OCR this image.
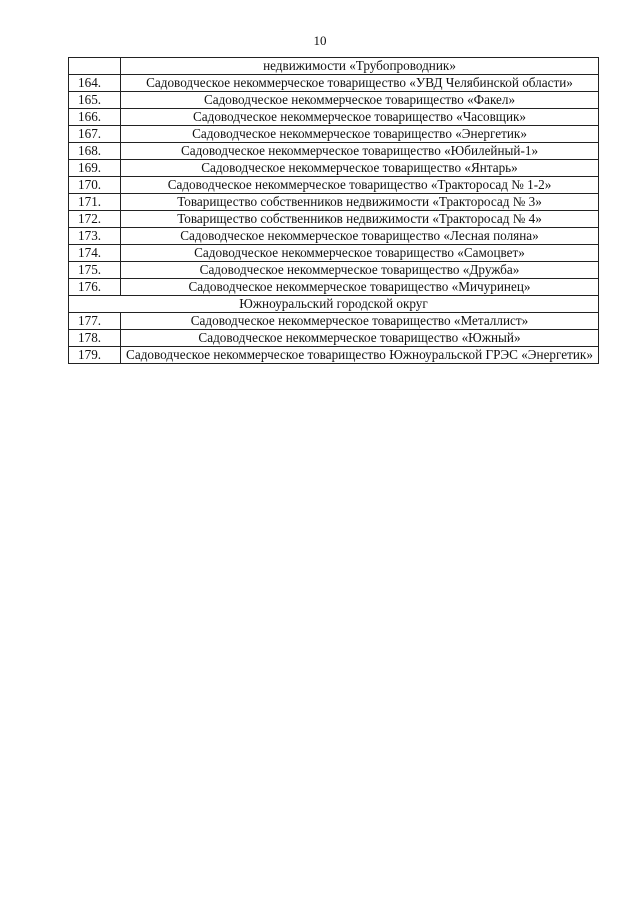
10
	недвижимости «Трубопроводник»
164.	Садоводческое некоммерческое товарищество «УВД Челябинской области»
165.	Садоводческое некоммерческое товарищество «Факел»
166.	Садоводческое некоммерческое товарищество «Часовщик»
167.	Садоводческое некоммерческое товарищество «Энергетик»
168.	Садоводческое некоммерческое товарищество «Юбилейный-1»
169.	Садоводческое некоммерческое товарищество «Янтарь»
170.	Садоводческое некоммерческое товарищество «Тракторосад № 1-2»
171.	Товарищество собственников недвижимости «Тракторосад № 3»
172.	Товарищество собственников недвижимости «Тракторосад № 4»
173.	Садоводческое некоммерческое товарищество «Лесная поляна»
174.	Садоводческое некоммерческое товарищество «Самоцвет»
175.	Садоводческое некоммерческое товарищество «Дружба»
176.	Садоводческое некоммерческое товарищество «Мичуринец»
Южноуральский городской округ	
177.	Садоводческое некоммерческое товарищество «Металлист»
178.	Садоводческое некоммерческое товарищество «Южный»
179.	Садоводческое некоммерческое товарищество Южноуральской ГРЭС «Энергетик»
